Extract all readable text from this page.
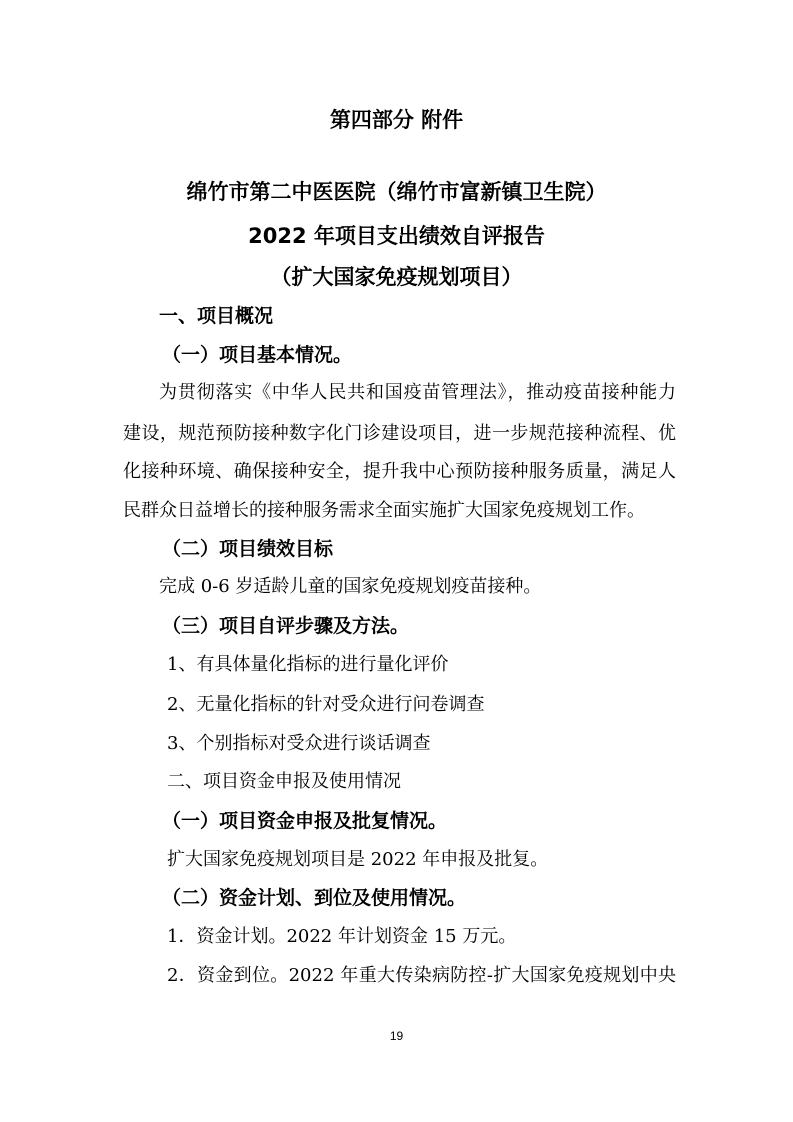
第四部分 附件

绵竹市第二中医医院（绵竹市富新镇卫生院）

2022 年项目支出绩效自评报告

（扩大国家免疫规划项目）

一、项目概况

（一）项目基本情况。

为贯彻落实《中华人民共和国疫苗管理法》，推动疫苗接种能力

建设，规范预防接种数字化门诊建设项目，进一步规范接种流程、优

化接种环境、确保接种安全，提升我中心预防接种服务质量，满足人

民群众日益增长的接种服务需求全面实施扩大国家免疫规划工作。

（二）项目绩效目标

完成 0-6 岁适龄儿童的国家免疫规划疫苗接种。

（三）项目自评步骤及方法。

1、有具体量化指标的进行量化评价

2、无量化指标的针对受众进行问卷调查

3、个别指标对受众进行谈话调查

二、项目资金申报及使用情况

（一）项目资金申报及批复情况。

扩大国家免疫规划项目是 2022 年申报及批复。

（二）资金计划、到位及使用情况。

1．资金计划。2022 年计划资金 15 万元。

2．资金到位。2022 年重大传染病防控-扩大国家免疫规划中央

19
